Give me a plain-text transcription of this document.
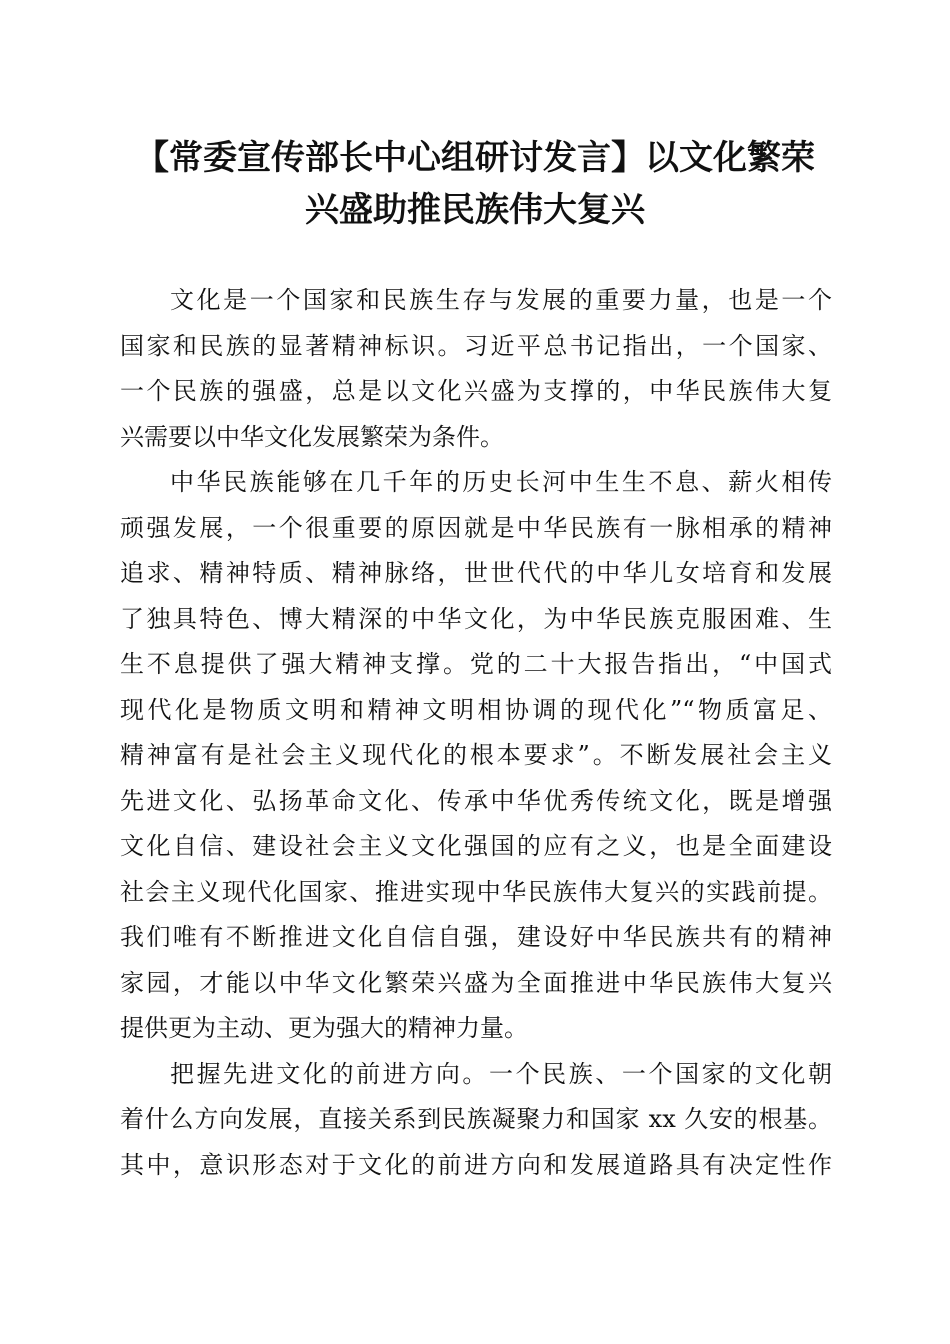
【常委宣传部长中心组研讨发言】以文化繁荣
兴盛助推民族伟大复兴
文化是一个国家和民族生存与发展的重要力量，也是一个
国家和民族的显著精神标识。习近平总书记指出，一个国家、
一个民族的强盛，总是以文化兴盛为支撑的，中华民族伟大复
兴需要以中华文化发展繁荣为条件。
中华民族能够在几千年的历史长河中生生不息、薪火相传
顽强发展，一个很重要的原因就是中华民族有一脉相承的精神
追求、精神特质、精神脉络，世世代代的中华儿女培育和发展
了独具特色、博大精深的中华文化，为中华民族克服困难、生
生不息提供了强大精神支撑。党的二十大报告指出，“中国式
现代化是物质文明和精神文明相协调的现代化”“物质富足、
精神富有是社会主义现代化的根本要求”。不断发展社会主义
先进文化、弘扬革命文化、传承中华优秀传统文化，既是增强
文化自信、建设社会主义文化强国的应有之义，也是全面建设
社会主义现代化国家、推进实现中华民族伟大复兴的实践前提。
我们唯有不断推进文化自信自强，建设好中华民族共有的精神
家园，才能以中华文化繁荣兴盛为全面推进中华民族伟大复兴
提供更为主动、更为强大的精神力量。
把握先进文化的前进方向。一个民族、一个国家的文化朝
着什么方向发展，直接关系到民族凝聚力和国家 xx 久安的根基。
其中，意识形态对于文化的前进方向和发展道路具有决定性作
